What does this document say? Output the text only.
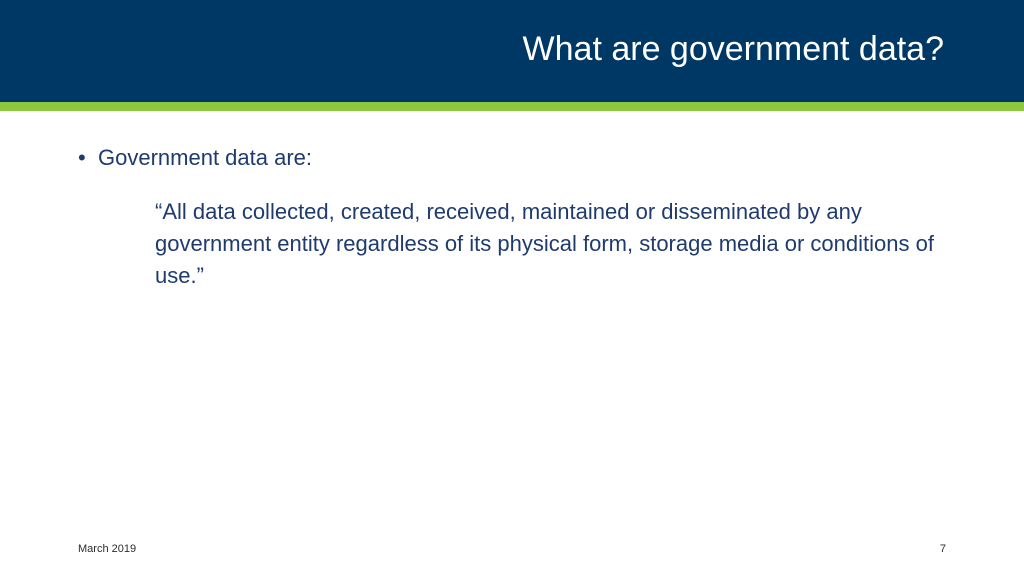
What are government data?
• Government data are:
“All data collected, created, received, maintained or disseminated by any government entity regardless of its physical form, storage media or conditions of use.”
March 2019	7
